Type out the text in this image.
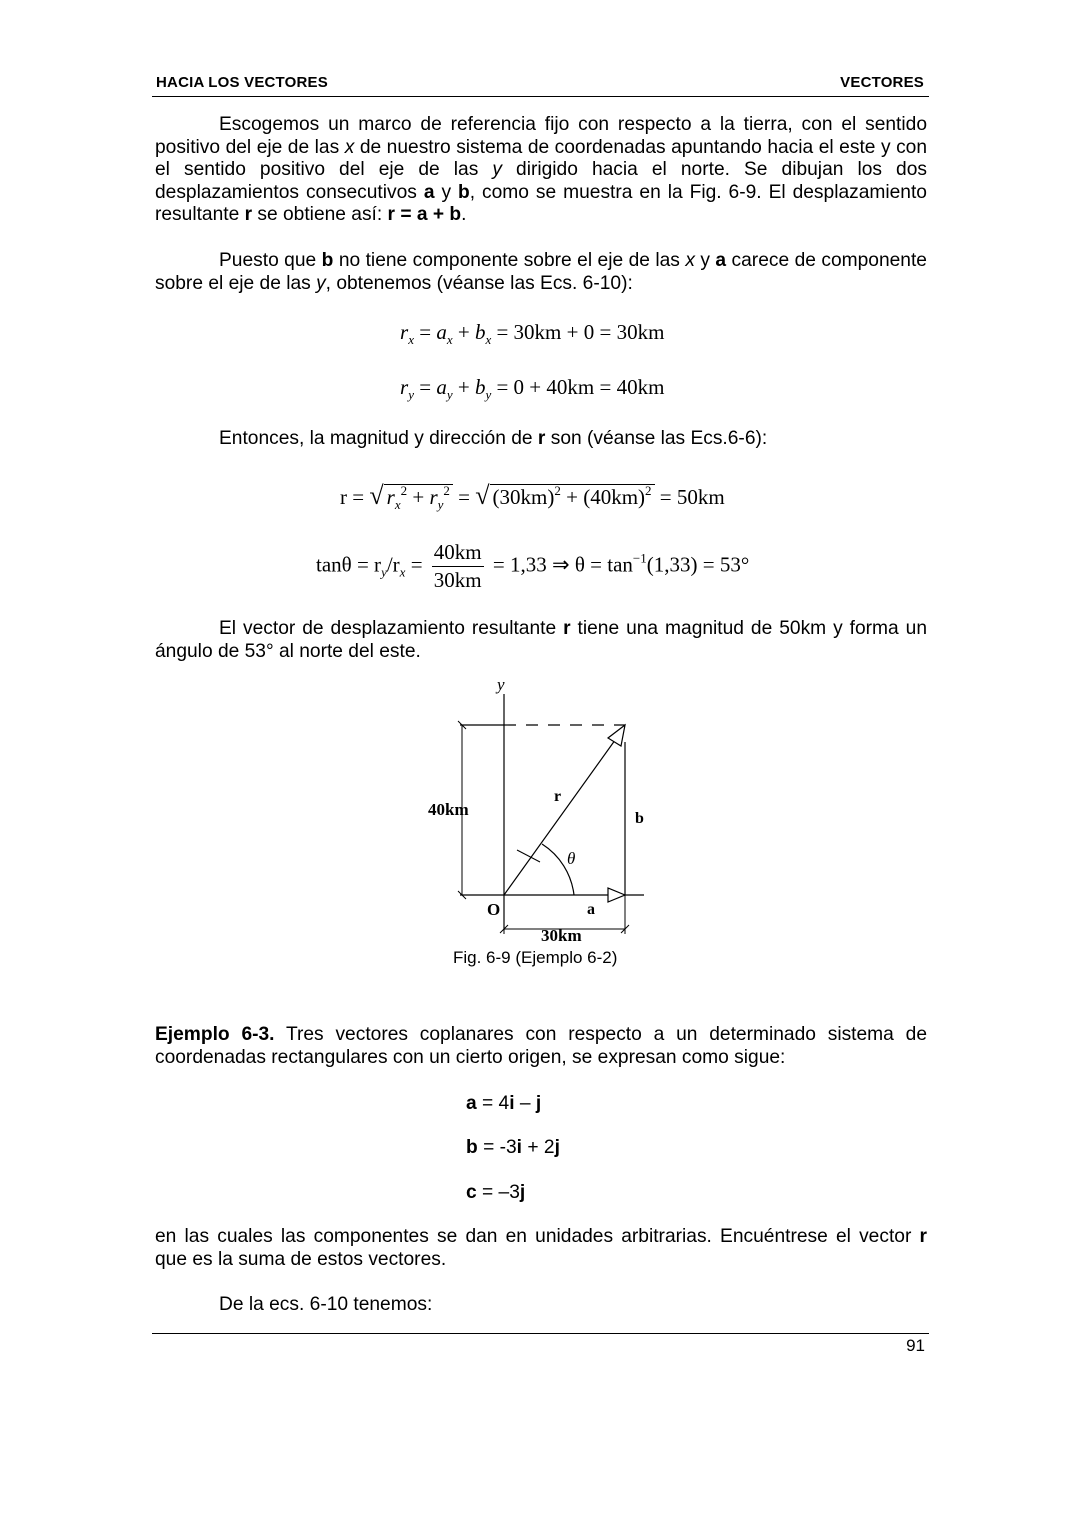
HACIA LOS VECTORES	VECTORES

Escogemos un marco de referencia fijo con respecto a la tierra, con el sentido positivo del eje de las x de nuestro sistema de coordenadas apuntando hacia el este y con el sentido positivo del eje de las y dirigido hacia el norte. Se dibujan los dos desplazamientos consecutivos a y b, como se muestra en la Fig. 6-9. El desplazamiento resultante r se obtiene así: r = a + b.

Puesto que b no tiene componente sobre el eje de las x y a carece de componente sobre el eje de las y, obtenemos (véanse las Ecs. 6-10):

$r_x = a_x + b_x = 30km + 0 = 30km$
$r_y = a_y + b_y = 0 + 40km = 40km$

Entonces, la magnitud y dirección de r son (véanse las Ecs.6-6):

r = √ $r_x^2 + r_y^2$ = √ $(30km)^2 + (40km)^2 = 50km$
$\tan\theta = r_y/r_x = \frac{40km}{30km} = 1,33$ ⇒ $\theta = \tan^{-1}(1,33) = 53^\circ$

El vector de desplazamiento resultante r tiene una magnitud de 50km y forma un ángulo de 53° al norte del este.

y
O	a
b
r
θ
40km
30km
Fig. 6-9 (Ejemplo 6-2)

Ejemplo 6-3. Tres vectores coplanares con respecto a un determinado sistema de coordenadas rectangulares con un cierto origen, se expresan como sigue:

a = 4i – j
b = -3i + 2j
c = –3j

en las cuales las componentes se dan en unidades arbitrarias. Encuéntrese el vector r que es la suma de estos vectores.

De la ecs. 6-10 tenemos:

91
